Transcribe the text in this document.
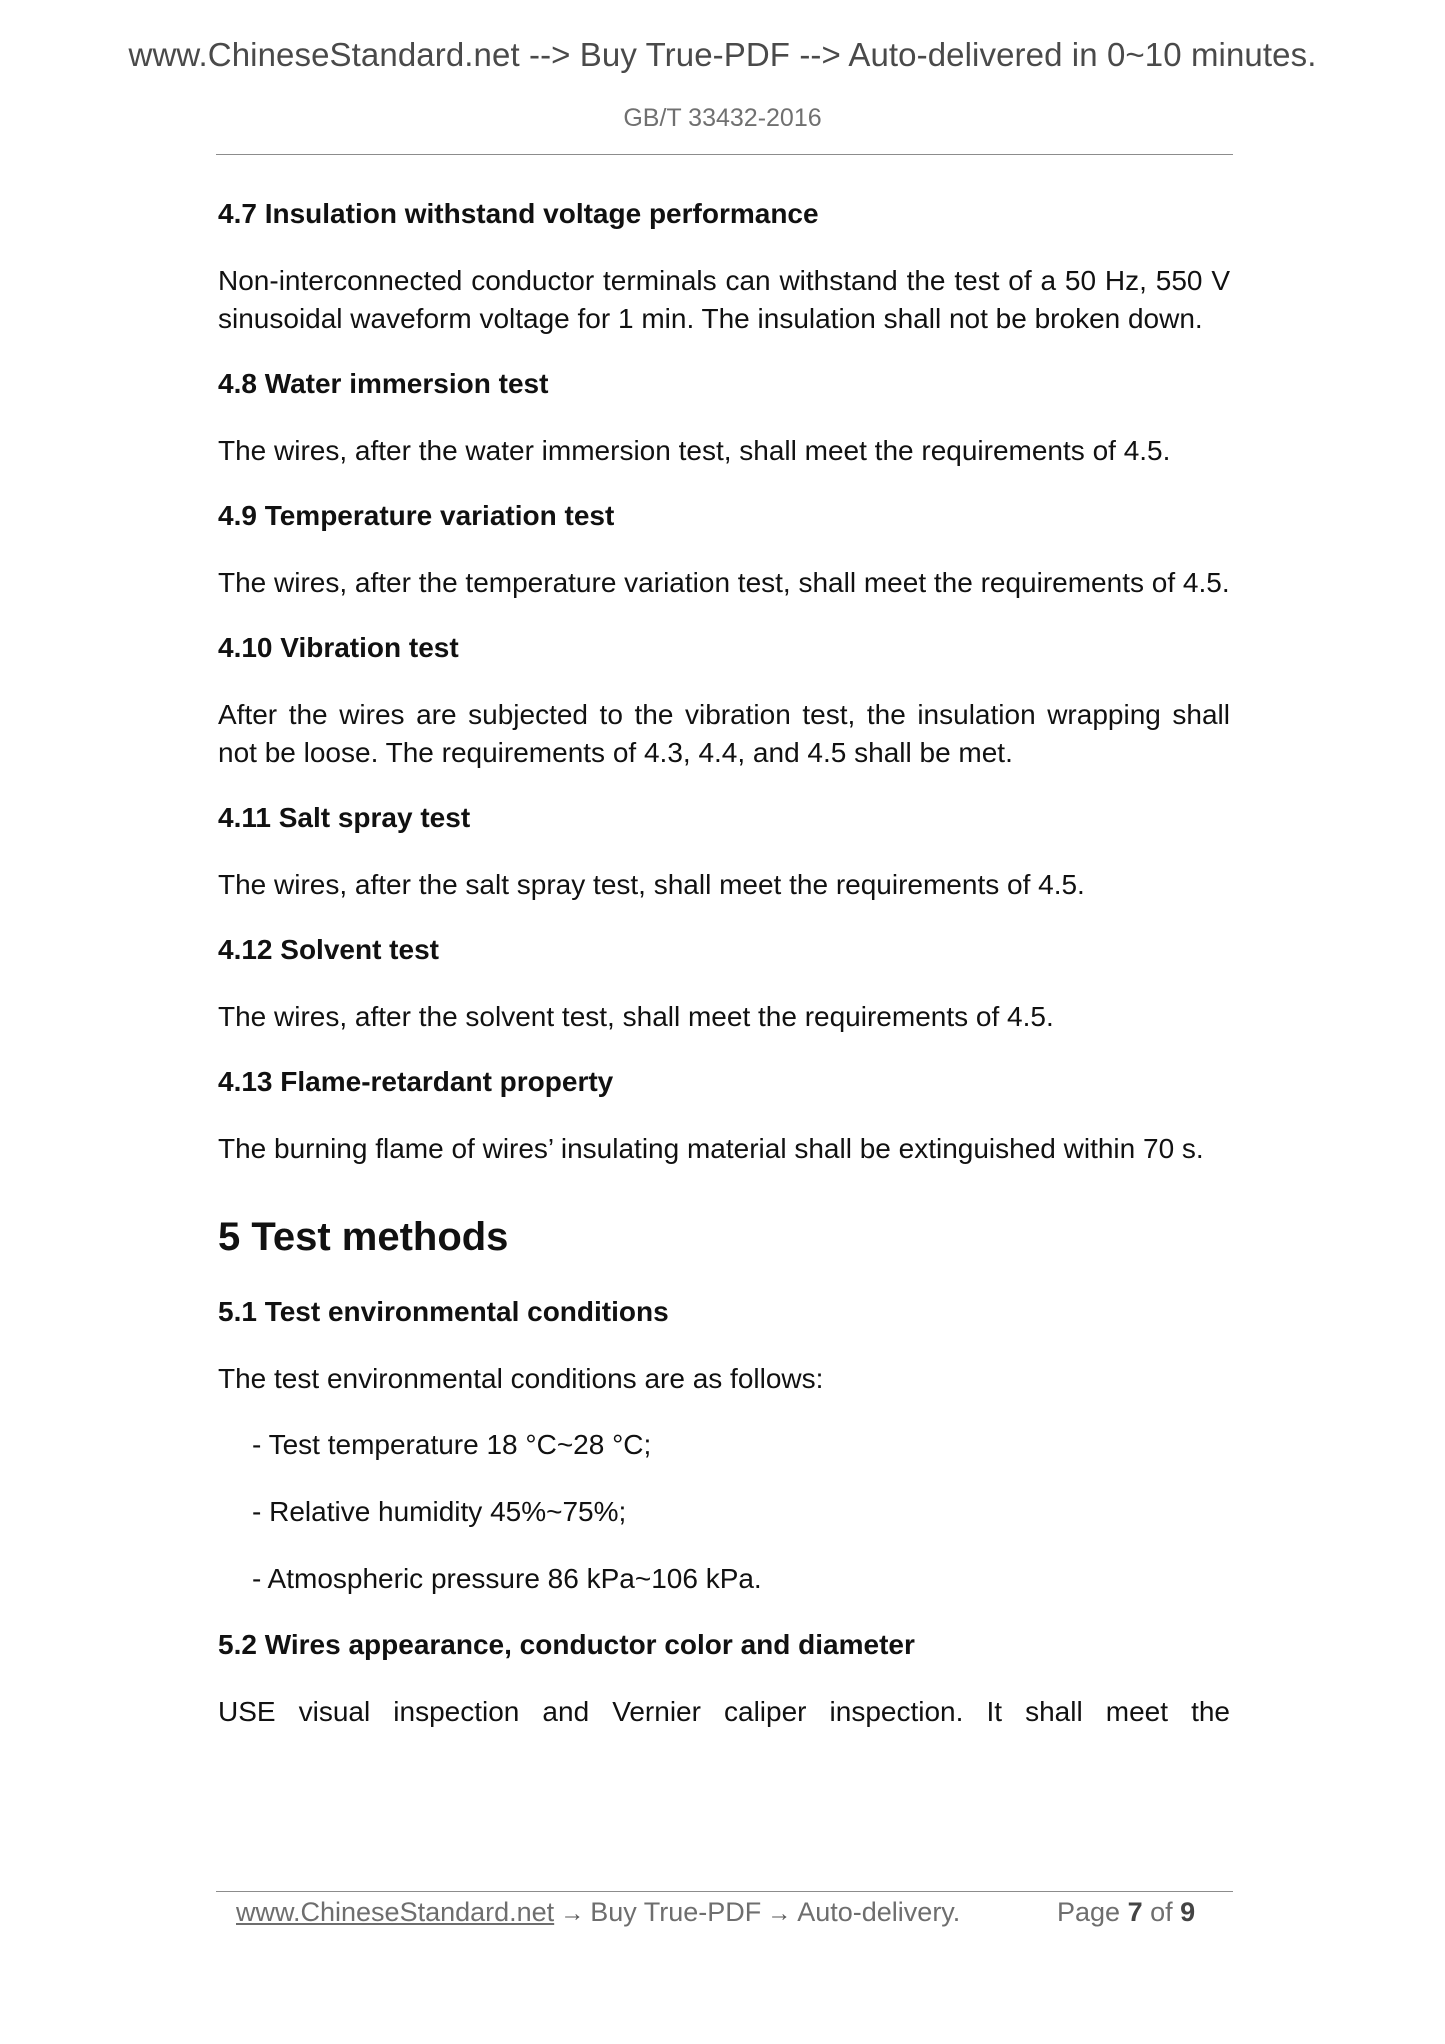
www.ChineseStandard.net --> Buy True-PDF --> Auto-delivered in 0~10 minutes.
GB/T 33432-2016
4.7 Insulation withstand voltage performance
Non-interconnected conductor terminals can withstand the test of a 50 Hz, 550 V sinusoidal waveform voltage for 1 min. The insulation shall not be broken down.
4.8 Water immersion test
The wires, after the water immersion test, shall meet the requirements of 4.5.
4.9 Temperature variation test
The wires, after the temperature variation test, shall meet the requirements of 4.5.
4.10 Vibration test
After the wires are subjected to the vibration test, the insulation wrapping shall not be loose. The requirements of 4.3, 4.4, and 4.5 shall be met.
4.11 Salt spray test
The wires, after the salt spray test, shall meet the requirements of 4.5.
4.12 Solvent test
The wires, after the solvent test, shall meet the requirements of 4.5.
4.13 Flame-retardant property
The burning flame of wires’ insulating material shall be extinguished within 70 s.
5 Test methods
5.1 Test environmental conditions
The test environmental conditions are as follows:
- Test temperature 18 °C~28 °C;
- Relative humidity 45%~75%;
- Atmospheric pressure 86 kPa~106 kPa.
5.2 Wires appearance, conductor color and diameter
USE visual inspection and Vernier caliper inspection. It shall meet the
www.ChineseStandard.net → Buy True-PDF → Auto-delivery.	Page 7 of 9
